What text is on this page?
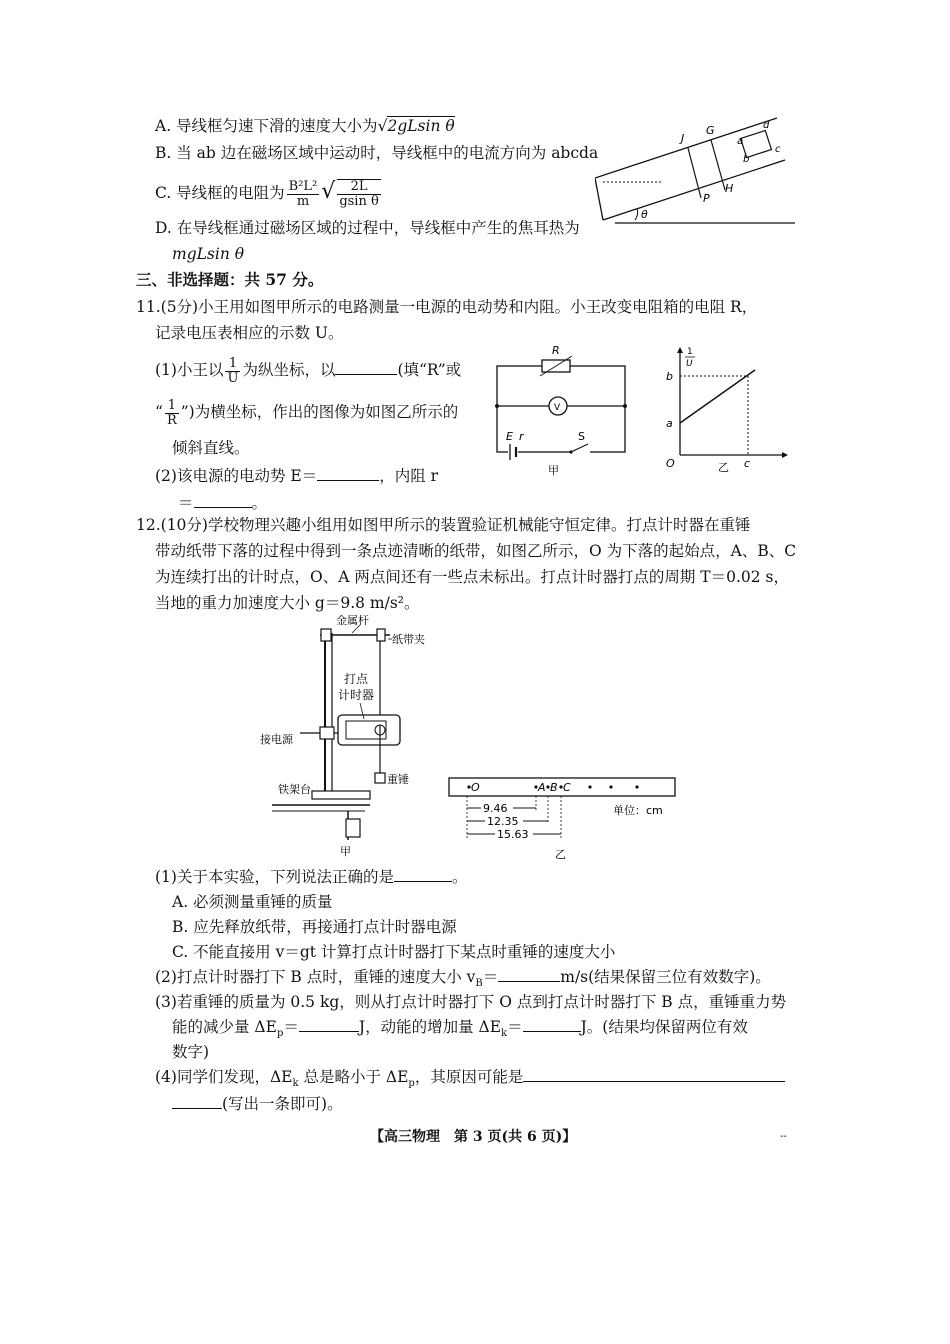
A. 导线框匀速下滑的速度大小为√2gLsin θ
B. 当 ab 边在磁场区域中运动时，导线框中的电流方向为 abcda
C. 导线框的电阻为 $\frac{\text{B²L²}}{m}$ √ $\frac{2L}{\text{gsin θ}}$
D. 在导线框通过磁场区域的过程中，导线框中产生的焦耳热为
mgLsin θ
J
G
a
d
b
c
P
H
θ
三、非选择题：共 57 分。
11.(5分)小王用如图甲所示的电路测量一电源的电动势和内阻。小王改变电阻箱的电阻 R，
记录电压表相应的示数 U。
(1)小王以 $\frac{1}{U}$ 为纵坐标，以	(填“R”或
“ $\frac{1}{R}$ ”)为横坐标，作出的图像为如图乙所示的
倾斜直线。
(2)该电源的电动势 E＝	，内阻 r
＝	。
R
V
E r	S
甲
1
U
b
a
O	c
乙
12.(10分)学校物理兴趣小组用如图甲所示的装置验证机械能守恒定律。打点计时器在重锤
带动纸带下落的过程中得到一条点迹清晰的纸带，如图乙所示，O 为下落的起始点，A、B、C
为连续打出的计时点，O、A 两点间还有一些点未标出。打点计时器打点的周期 T＝0.02 s，
当地的重力加速度大小 g＝9.8 m/s²。
金属杆
纸带夹
打点
计时器
接电源
重锤
铁架台
甲
O	A B C
9.46
12.35
15.63
单位：cm
乙
(1)关于本实验，下列说法正确的是	。
A. 必须测量重锤的质量
B. 应先释放纸带，再接通打点计时器电源
C. 不能直接用 v＝gt 计算打点计时器打下某点时重锤的速度大小
(2)打点计时器打下 B 点时，重锤的速度大小 $v_B=$	m/s(结果保留三位有效数字)。
(3)若重锤的质量为 0.5 kg，则从打点计时器打下 O 点到打点计时器打下 B 点，重锤重力势
能的减少量 $\Delta E_p=$	J，动能的增加量 $\Delta E_k=$	J。(结果均保留两位有效
数字)
(4)同学们发现，$\Delta E_k$ 总是略小于 $\Delta E_p$，其原因可能是
(写出一条即可)。
【高三物理　第 3 页(共 6 页)】	--
